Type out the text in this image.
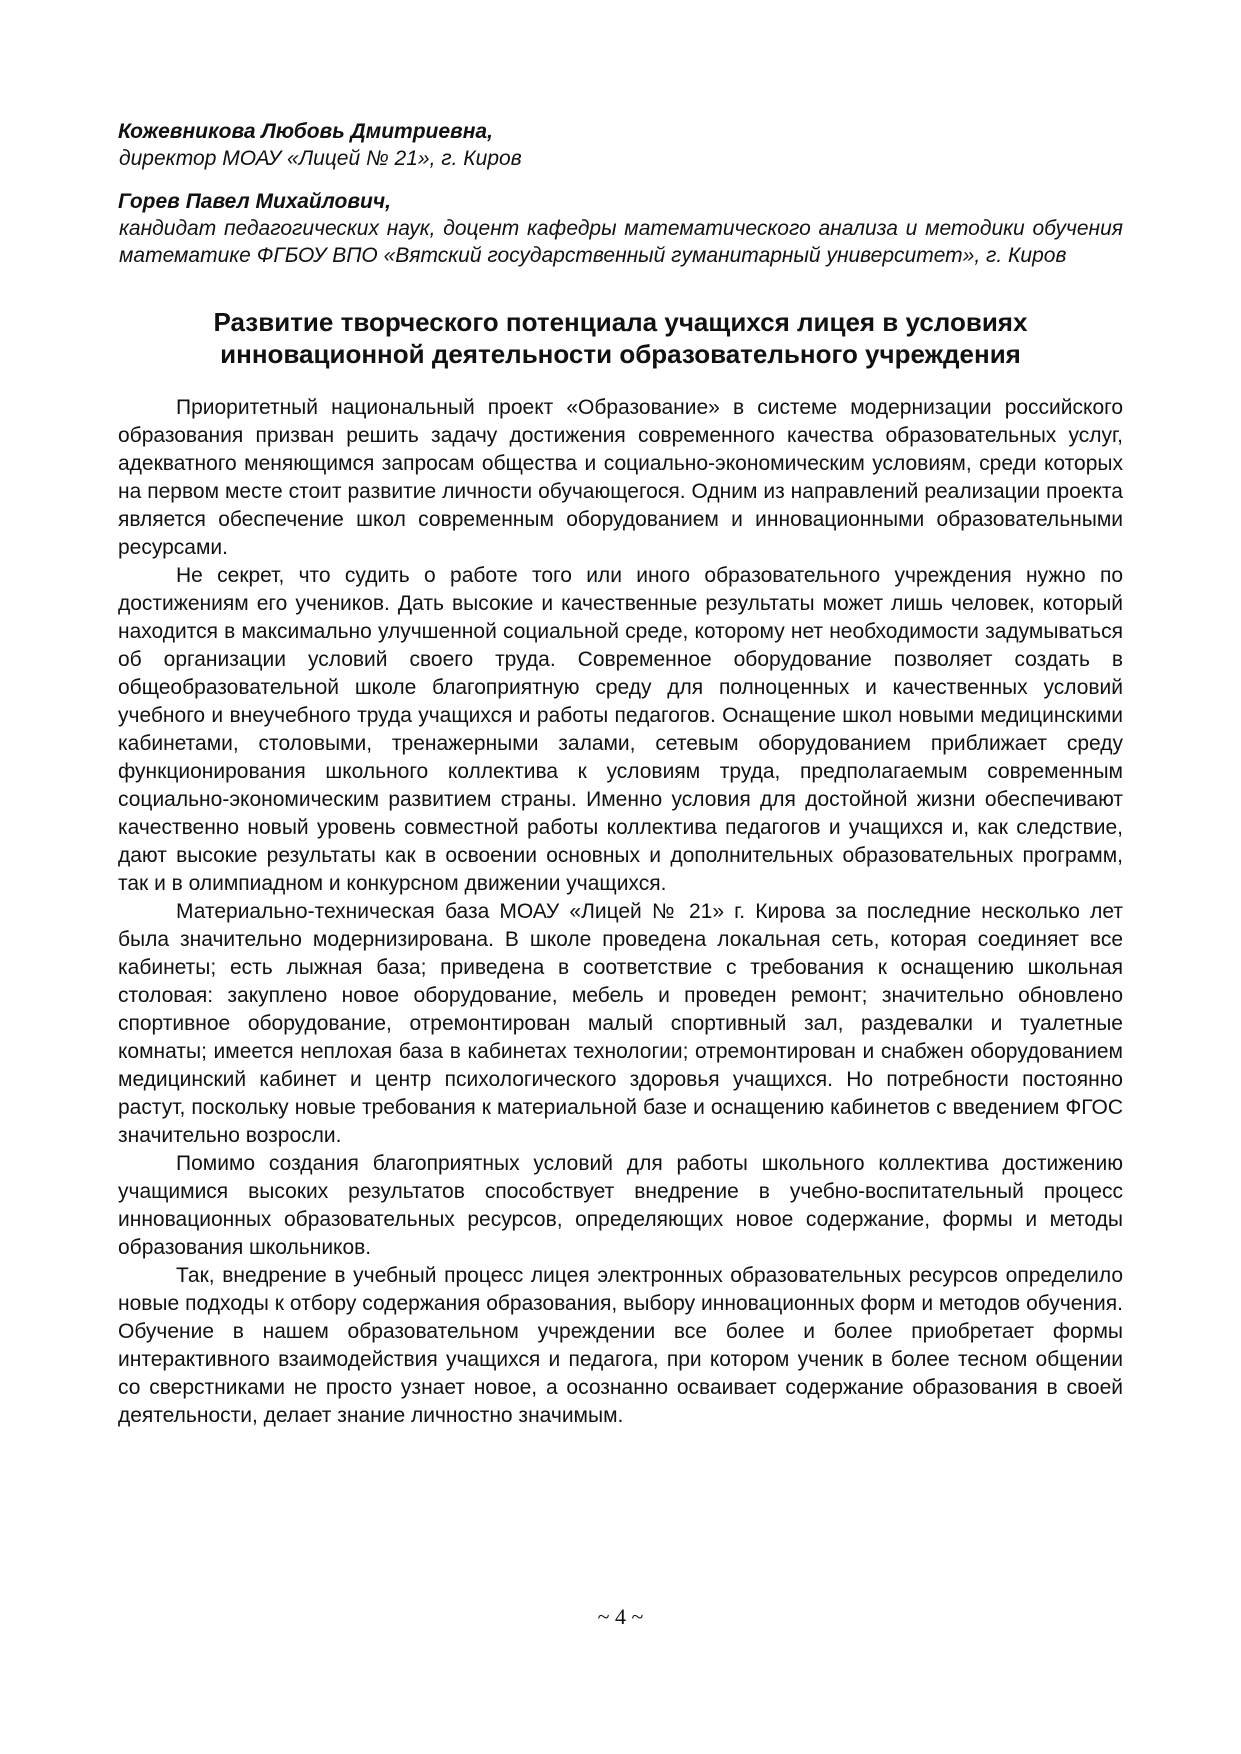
Кожевникова Любовь Дмитриевна,
директор МОАУ «Лицей № 21», г. Киров
Горев Павел Михайлович,
кандидат педагогических наук, доцент кафедры математического анализа и методики обучения математике ФГБОУ ВПО «Вятский государственный гуманитарный университет», г. Киров
Развитие творческого потенциала учащихся лицея в условиях
инновационной деятельности образовательного учреждения

Приоритетный национальный проект «Образование» в системе модернизации российского образования призван решить задачу достижения современного качества образовательных услуг, адекватного меняющимся запросам общества и социально-экономическим условиям, среди которых на первом месте стоит развитие личности обучающегося. Одним из направлений реализации проекта является обеспечение школ современным оборудованием и инновационными образовательными ресурсами.

Не секрет, что судить о работе того или иного образовательного учреждения нужно по достижениям его учеников. Дать высокие и качественные результаты может лишь человек, который находится в максимально улучшенной социальной среде, которому нет необходимости задумываться об организации условий своего труда. Современное оборудование позволяет создать в общеобразовательной школе благоприятную среду для полноценных и качественных условий учебного и внеучебного труда учащихся и работы педагогов. Оснащение школ новыми медицинскими кабинетами, столовыми, тренажерными залами, сетевым оборудованием приближает среду функционирования школьного коллектива к условиям труда, предполагаемым современным социально-экономическим развитием страны. Именно условия для достойной жизни обеспечивают качественно новый уровень совместной работы коллектива педагогов и учащихся и, как следствие, дают высокие результаты как в освоении основных и дополнительных образовательных программ, так и в олимпиадном и конкурсном движении учащихся.

Материально-техническая база МОАУ «Лицей № 21» г. Кирова за последние несколько лет была значительно модернизирована. В школе проведена локальная сеть, которая соединяет все кабинеты; есть лыжная база; приведена в соответствие с требования к оснащению школьная столовая: закуплено новое оборудование, мебель и проведен ремонт; значительно обновлено спортивное оборудование, отремонтирован малый спортивный зал, раздевалки и туалетные комнаты; имеется неплохая база в кабинетах технологии; отремонтирован и снабжен оборудованием медицинский кабинет и центр психологического здоровья учащихся. Но потребности постоянно растут, поскольку новые требования к материальной базе и оснащению кабинетов с введением ФГОС значительно возросли.

Помимо создания благоприятных условий для работы школьного коллектива достижению учащимися высоких результатов способствует внедрение в учебно-воспитательный процесс инновационных образовательных ресурсов, определяющих новое содержание, формы и методы образования школьников.

Так, внедрение в учебный процесс лицея электронных образовательных ресурсов определило новые подходы к отбору содержания образования, выбору инновационных форм и методов обучения. Обучение в нашем образовательном учреждении все более и более приобретает формы интерактивного взаимодействия учащихся и педагога, при котором ученик в более тесном общении со сверстниками не просто узнает новое, а осознанно осваивает содержание образования в своей деятельности, делает знание личностно значимым.

~ 4 ~
